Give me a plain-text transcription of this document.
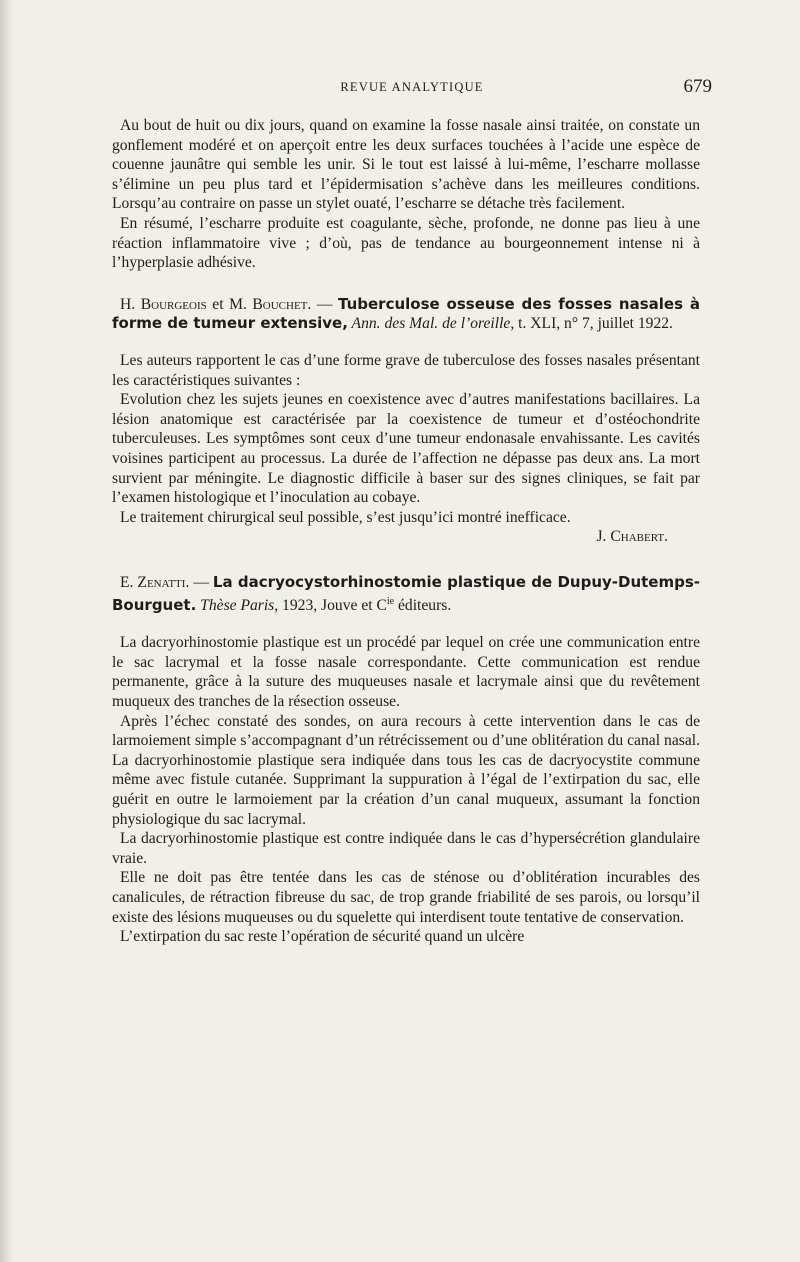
REVUE ANALYTIQUE	679

Au bout de huit ou dix jours, quand on examine la fosse nasale ainsi traitée, on constate un gonflement modéré et on aperçoit entre les deux surfaces touchées à l’acide une espèce de couenne jaunâtre qui semble les unir. Si le tout est laissé à lui-même, l’escharre mollasse s’élimine un peu plus tard et l’épidermisation s’achève dans les meilleures conditions. Lorsqu’au contraire on passe un stylet ouaté, l’escharre se détache très facilement.

En résumé, l’escharre produite est coagulante, sèche, profonde, ne donne pas lieu à une réaction inflammatoire vive ; d’où, pas de tendance au bourgeonnement intense ni à l’hyperplasie adhésive.

H. Bourgeois et M. Bouchet. — Tuberculose osseuse des fosses nasales à forme de tumeur extensive, Ann. des Mal. de l’oreille, t. XLI, n° 7, juillet 1922.

Les auteurs rapportent le cas d’une forme grave de tuberculose des fosses nasales présentant les caractéristiques suivantes :

Evolution chez les sujets jeunes en coexistence avec d’autres manifestations bacillaires. La lésion anatomique est caractérisée par la coexistence de tumeur et d’ostéochondrite tuberculeuses. Les symptômes sont ceux d’une tumeur endonasale envahissante. Les cavités voisines participent au processus. La durée de l’affection ne dépasse pas deux ans. La mort survient par méningite. Le diagnostic difficile à baser sur des signes cliniques, se fait par l’examen histologique et l’inoculation au cobaye.

Le traitement chirurgical seul possible, s’est jusqu’ici montré inefficace.

J. Chabert.

E. Zenatti. — La dacryocystorhinostomie plastique de Dupuy-Dutemps-Bourguet. Thèse Paris, 1923, Jouve et $C^{ie}$ éditeurs.

La dacryorhinostomie plastique est un procédé par lequel on crée une communication entre le sac lacrymal et la fosse nasale correspondante. Cette communication est rendue permanente, grâce à la suture des muqueuses nasale et lacrymale ainsi que du revêtement muqueux des tranches de la résection osseuse.

Après l’échec constaté des sondes, on aura recours à cette intervention dans le cas de larmoiement simple s’accompagnant d’un rétrécissement ou d’une oblitération du canal nasal. La dacryorhinostomie plastique sera indiquée dans tous les cas de dacryocystite commune même avec fistule cutanée. Supprimant la suppuration à l’égal de l’extirpation du sac, elle guérit en outre le larmoiement par la création d’un canal muqueux, assumant la fonction physiologique du sac lacrymal.

La dacryorhinostomie plastique est contre indiquée dans le cas d’hypersécrétion glandulaire vraie.

Elle ne doit pas être tentée dans les cas de sténose ou d’oblitération incurables des canalicules, de rétraction fibreuse du sac, de trop grande friabilité de ses parois, ou lorsqu’il existe des lésions muqueuses ou du squelette qui interdisent toute tentative de conservation.

L’extirpation du sac reste l’opération de sécurité quand un ulcère
